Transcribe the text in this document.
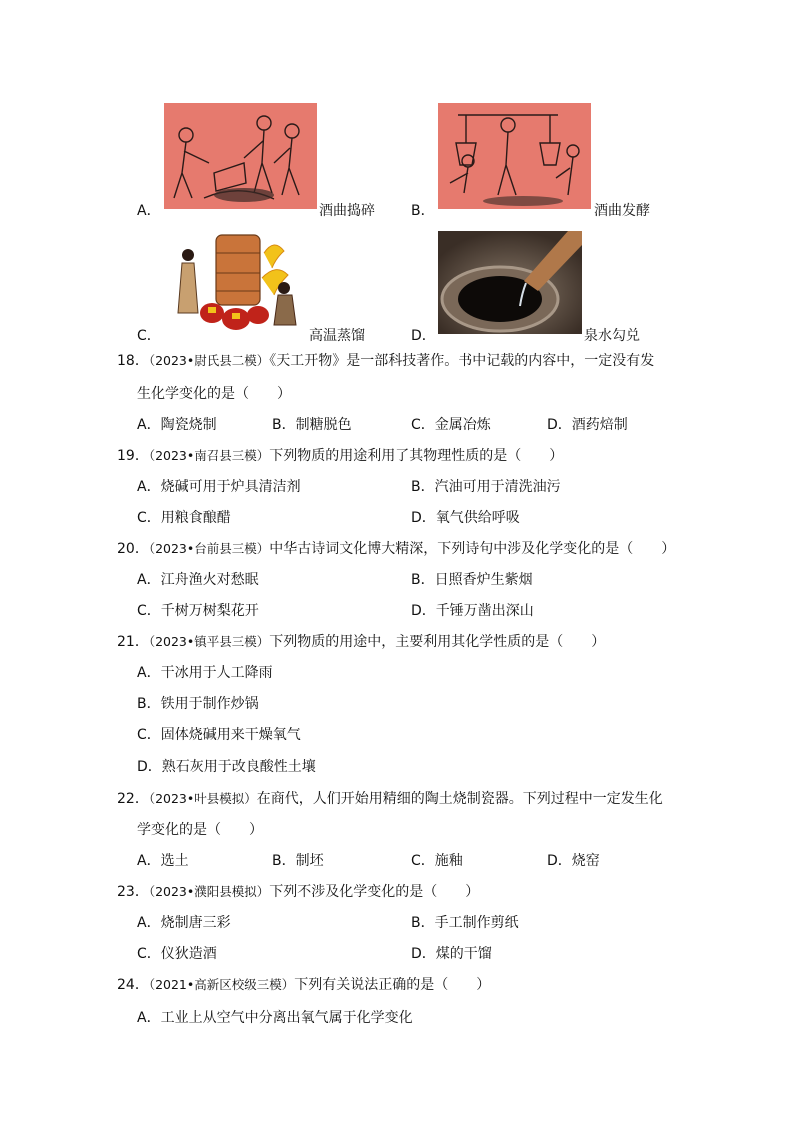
A．	酒曲捣碎	B．	酒曲发酵
C．	高温蒸馏	D．	泉水勾兑
18．（2023•尉氏县二模）《天工开物》是一部科技著作。书中记载的内容中，一定没有发
生化学变化的是（　　）
A．陶瓷烧制	B．制糖脱色	C．金属冶炼	D．酒药焙制
19．（2023•南召县三模）下列物质的用途利用了其物理性质的是（　　）
A．烧碱可用于炉具清洁剂	B．汽油可用于清洗油污
C．用粮食酿醋	D．氧气供给呼吸
20．（2023•台前县三模）中华古诗词文化博大精深，下列诗句中涉及化学变化的是（　　）
A．江舟渔火对愁眠	B．日照香炉生紫烟
C．千树万树梨花开	D．千锤万凿出深山
21．（2023•镇平县三模）下列物质的用途中，主要利用其化学性质的是（　　）
A．干冰用于人工降雨
B．铁用于制作炒锅
C．固体烧碱用来干燥氧气
D．熟石灰用于改良酸性土壤
22．（2023•叶县模拟）在商代，人们开始用精细的陶土烧制瓷器。下列过程中一定发生化
学变化的是（　　）
A．选土	B．制坯	C．施釉	D．烧窑
23．（2023•濮阳县模拟）下列不涉及化学变化的是（　　）
A．烧制唐三彩	B．手工制作剪纸
C．仪狄造酒	D．煤的干馏
24．（2021•高新区校级三模）下列有关说法正确的是（　　）
A．工业上从空气中分离出氧气属于化学变化
